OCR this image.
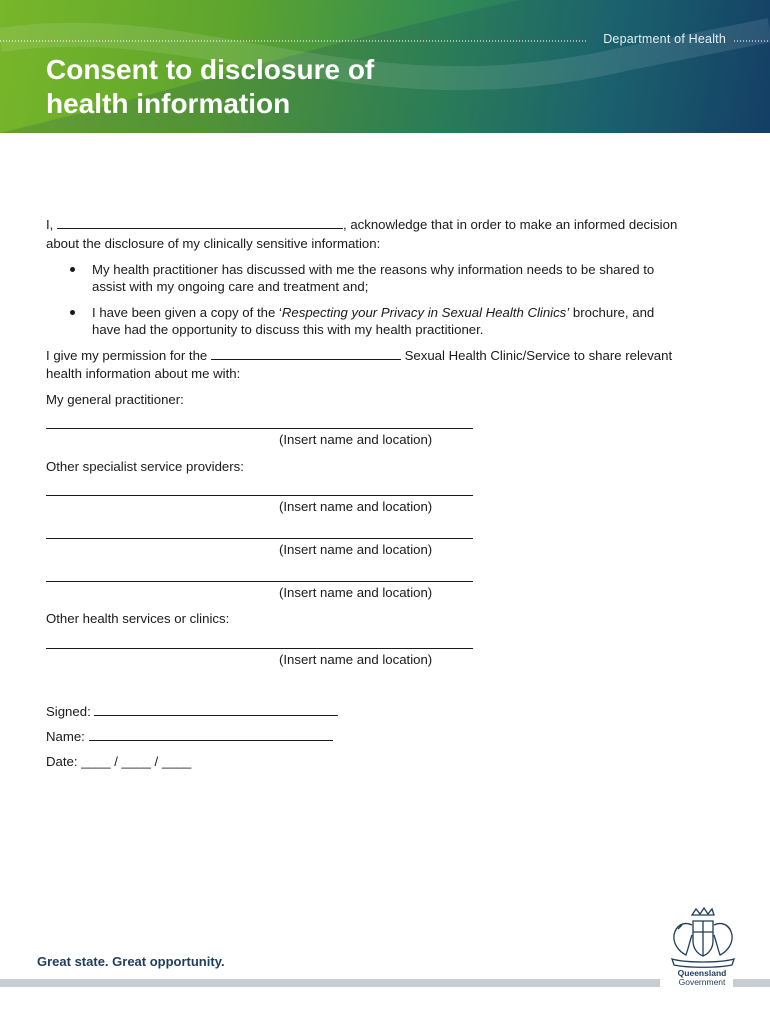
Department of Health
Consent to disclosure of
health information
I,	, acknowledge that in order to make an informed decision
about the disclosure of my clinically sensitive information:
My health practitioner has discussed with me the reasons why information needs to be shared to
assist with my ongoing care and treatment and;
I have been given a copy of the ‘Respecting your Privacy in Sexual Health Clinics’ brochure, and
have had the opportunity to discuss this with my health practitioner.
I give my permission for the	Sexual Health Clinic/Service to share relevant
health information about me with:
My general practitioner:
(Insert name and location)
Other specialist service providers:
(Insert name and location)
(Insert name and location)
(Insert name and location)
Other health services or clinics:
(Insert name and location)
Signed:
Name:
Date: ____ / ____ / ____
Great state. Great opportunity.
Queensland
Government
